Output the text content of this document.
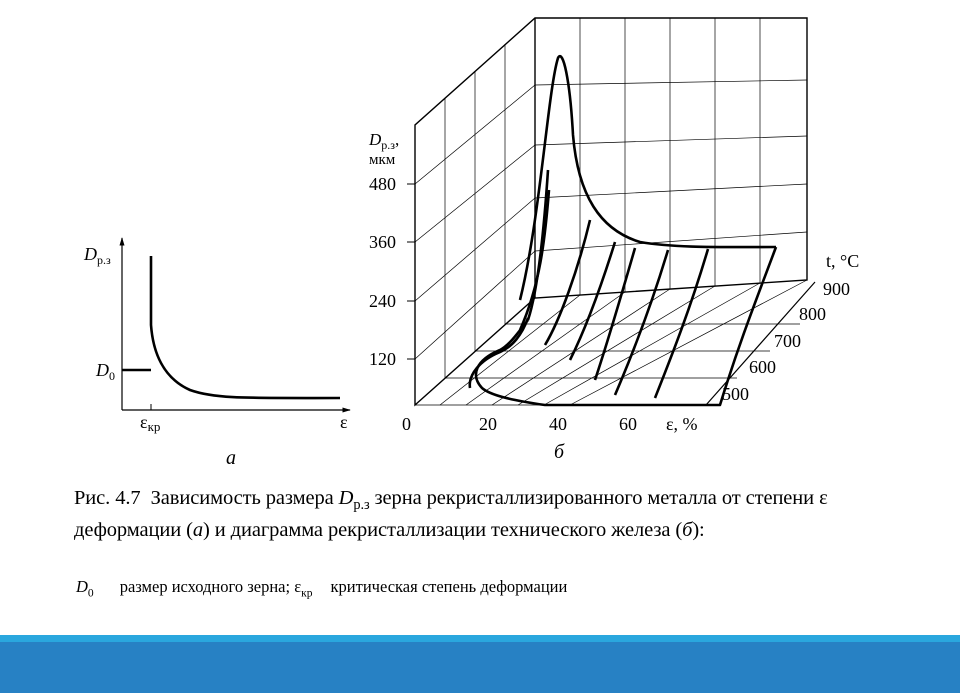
$D_{р.з}$
$D_0$
εкр	ε
а
$D_{р.з}$,
мкм
480
360
240
120
0	20	40	60 ε, %
t, °C
900
800
700
600
500
б
Рис. 4.7 Зависимость размера $D_{р.з}$ зерна рекристаллизированного металла от степени ε деформации (а) и диаграмма рекристаллизации технического железа (б):
$D_0$ размер исходного зерна; $\varepsilon_{кр}$ критическая степень деформации
